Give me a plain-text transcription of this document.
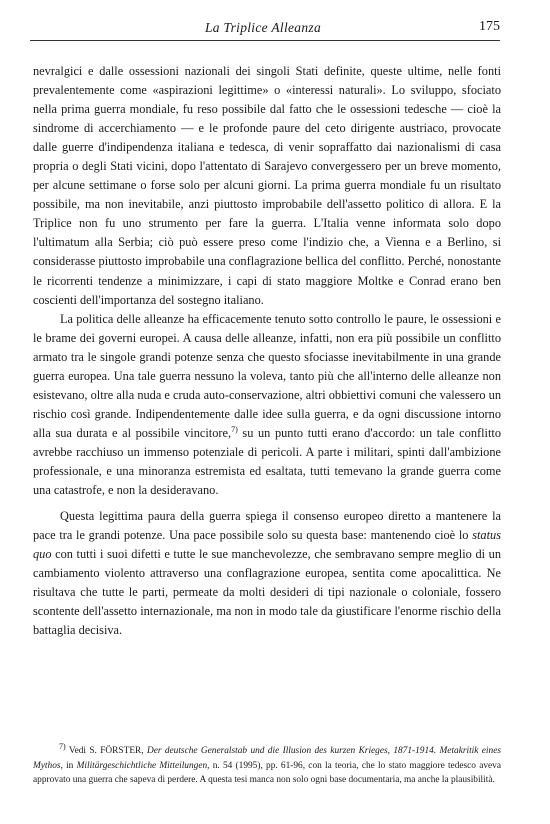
La Triplice Alleanza	175

nevralgici e dalle ossessioni nazionali dei singoli Stati definite, queste ultime, nelle fonti prevalentemente come «aspirazioni legittime» o «interessi naturali». Lo sviluppo, sfociato nella prima guerra mondiale, fu reso possibile dal fatto che le ossessioni tedesche — cioè la sindrome di accerchiamento — e le profonde paure del ceto dirigente austriaco, provocate dalle guerre d'indipendenza italiana e tedesca, di venir sopraffatto dai nazionalismi di casa propria o degli Stati vicini, dopo l'attentato di Sarajevo convergessero per un breve momento, per alcune settimane o forse solo per alcuni giorni. La prima guerra mondiale fu un risultato possibile, ma non inevitabile, anzi piuttosto improbabile dell'assetto politico di allora. E la Triplice non fu uno strumento per fare la guerra. L'Italia venne informata solo dopo l'ultimatum alla Serbia; ciò può essere preso come l'indizio che, a Vienna e a Berlino, si considerasse piuttosto improbabile una conflagrazione bellica del conflitto. Perché, nonostante le ricorrenti tendenze a minimizzare, i capi di stato maggiore Moltke e Conrad erano ben coscienti dell'importanza del sostegno italiano.

La politica delle alleanze ha efficacemente tenuto sotto controllo le paure, le ossessioni e le brame dei governi europei. A causa delle alleanze, infatti, non era più possibile un conflitto armato tra le singole grandi potenze senza che questo sfociasse inevitabilmente in una grande guerra europea. Una tale guerra nessuno la voleva, tanto più che all'interno delle alleanze non esistevano, oltre alla nuda e cruda auto-conservazione, altri obbiettivi comuni che valessero un rischio così grande. Indipendentemente dalle idee sulla guerra, e da ogni discussione intorno alla sua durata e al possibile vincitore,$^{7)}$ su un punto tutti erano d'accordo: un tale conflitto avrebbe racchiuso un immenso potenziale di pericoli. A parte i militari, spinti dall'ambizione professionale, e una minoranza estremista ed esaltata, tutti temevano la grande guerra come una catastrofe, e non la desideravano.

Questa legittima paura della guerra spiega il consenso europeo diretto a mantenere la pace tra le grandi potenze. Una pace possibile solo su questa base: mantenendo cioè lo status quo con tutti i suoi difetti e tutte le sue manchevolezze, che sembravano sempre meglio di un cambiamento violento attraverso una conflagrazione europea, sentita come apocalittica. Ne risultava che tutte le parti, permeate da molti desideri di tipi nazionale o coloniale, fossero scontente dell'assetto internazionale, ma non in modo tale da giustificare l'enorme rischio della battaglia decisiva.

$^{7)}$ Vedi S. FÖRSTER, Der deutsche Generalstab und die Illusion des kurzen Krieges, 1871-1914. Metakritik eines Mythos, in Militärgeschichtliche Mitteilungen, n. 54 (1995), pp. 61-96, con la teoria, che lo stato maggiore tedesco aveva approvato una guerra che sapeva di perdere. A questa tesi manca non solo ogni base documentaria, ma anche la plausibilità.
